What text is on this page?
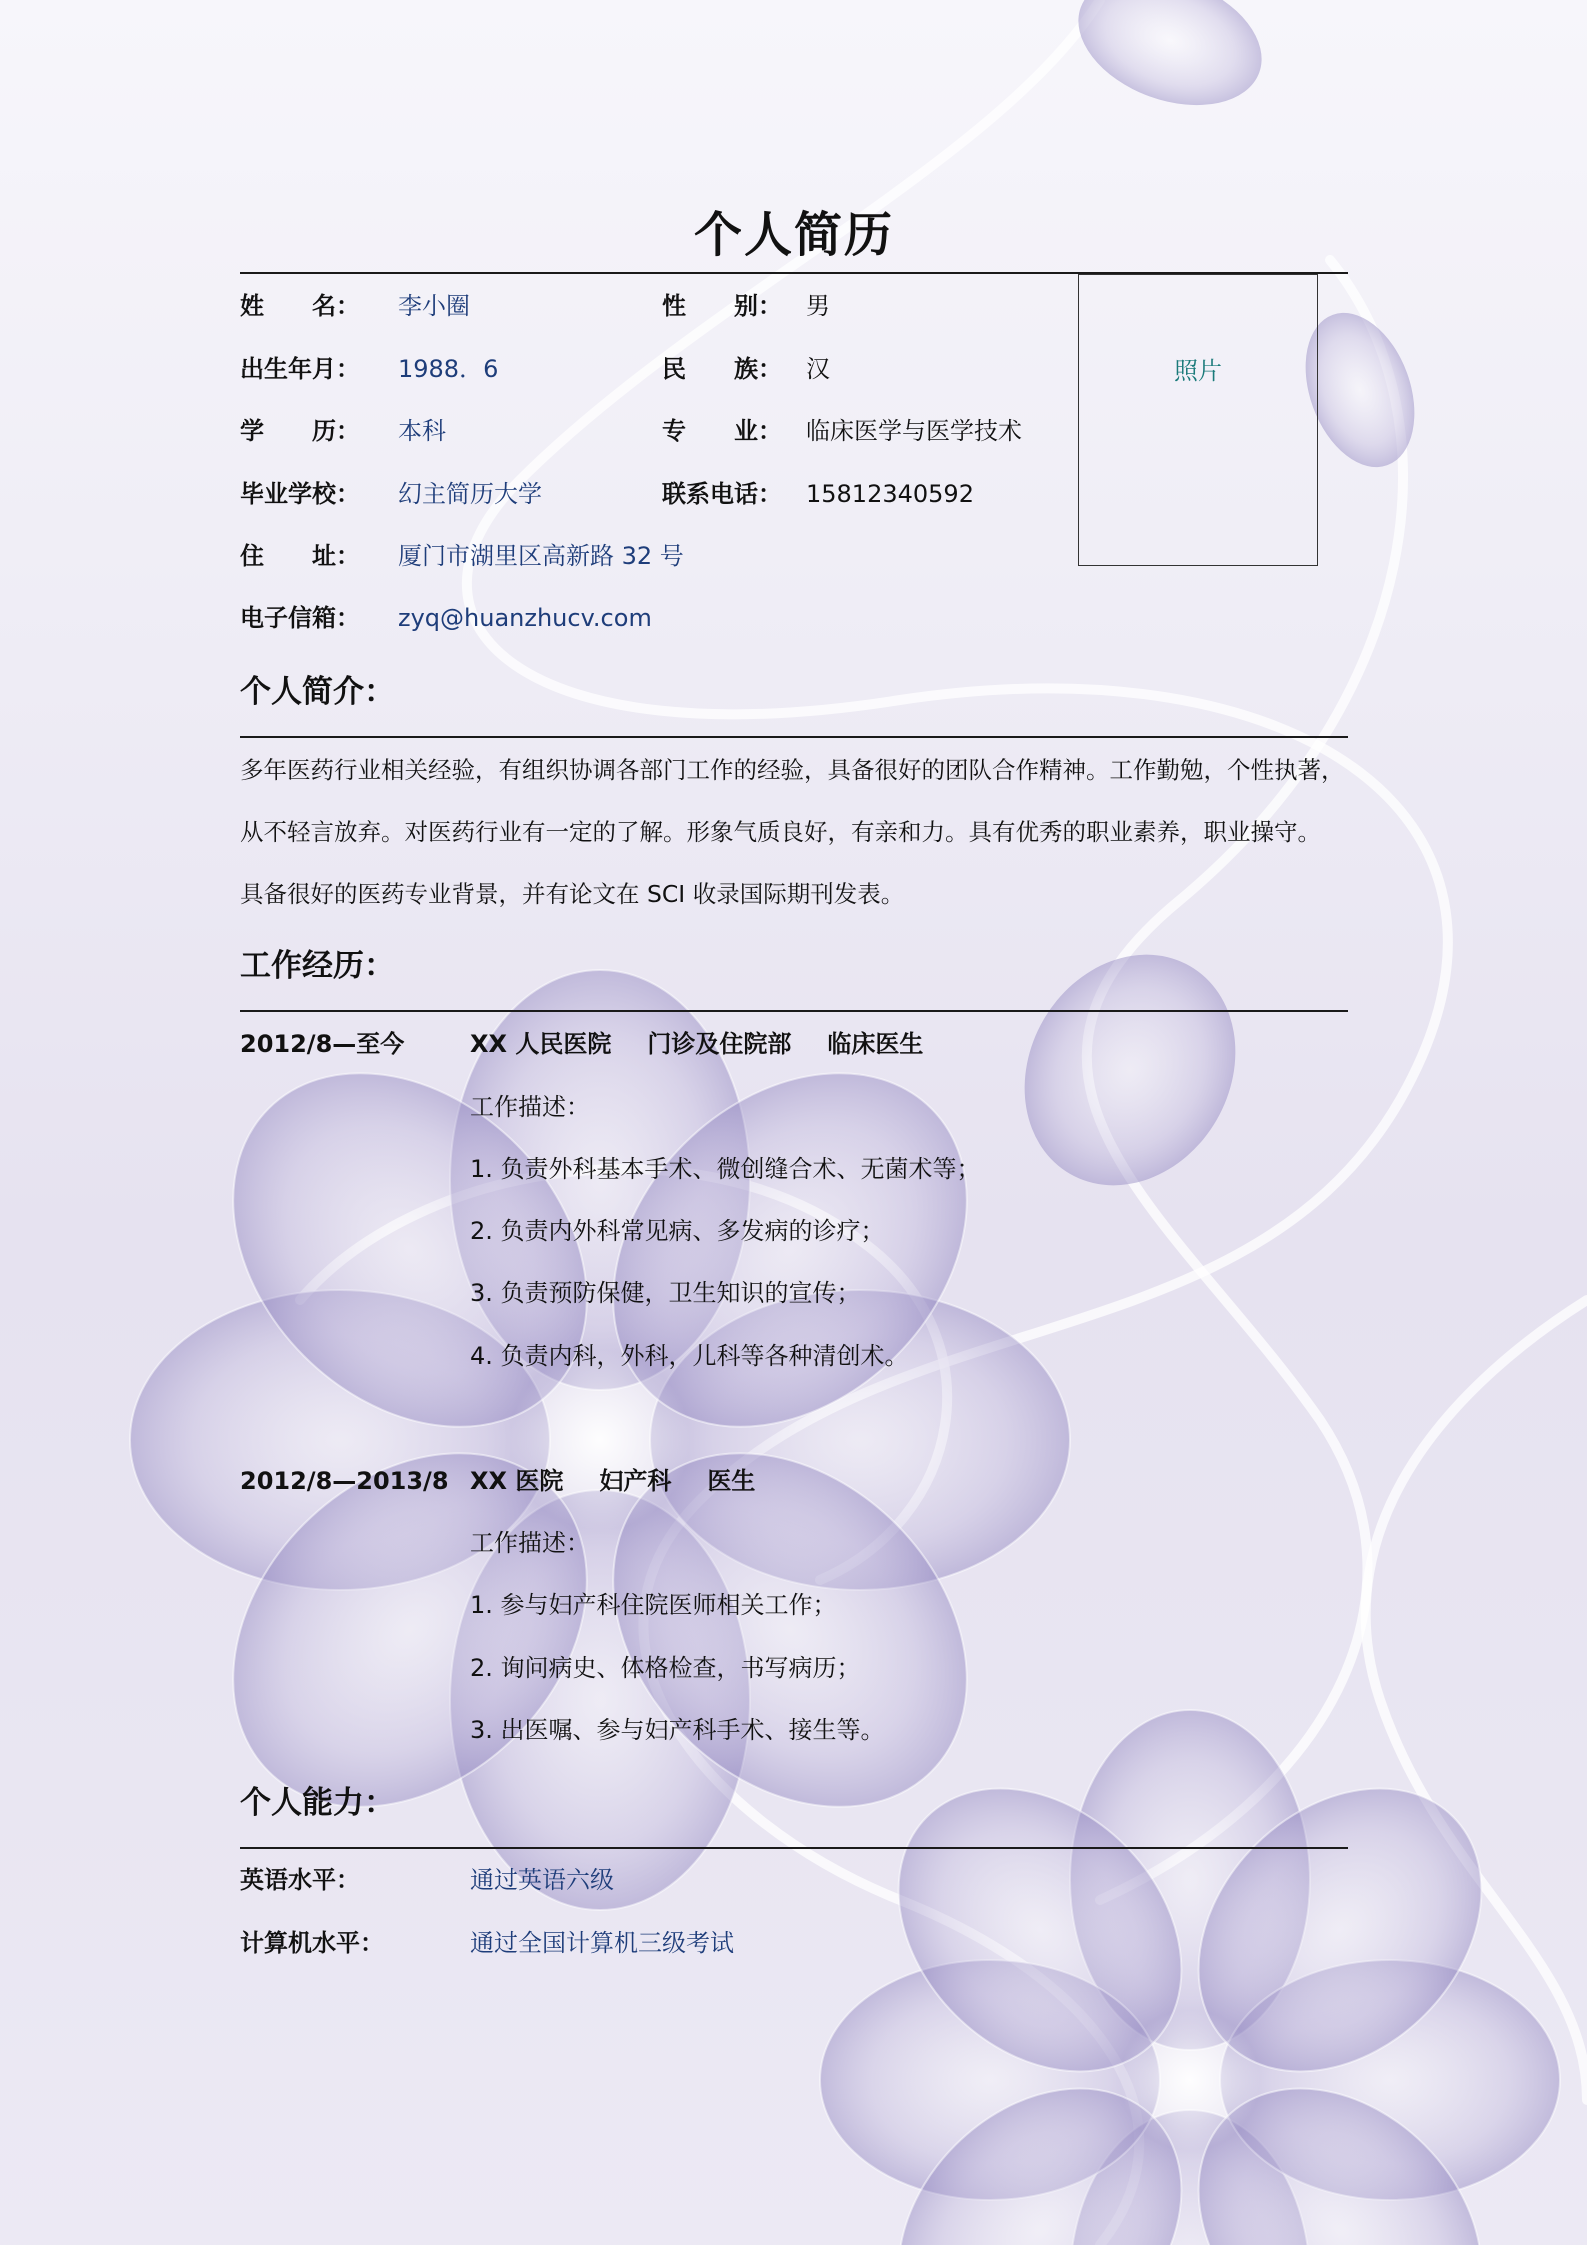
个人简历
姓　　名： 李小圈	性　　别： 男
出生年月： 1988．6	民　　族： 汉
学　　历： 本科	专　　业： 临床医学与医学技术
毕业学校： 幻主简历大学	联系电话： 15812340592
住　　址： 厦门市湖里区高新路 32 号
电子信箱： zyq@huanzhucv.com
照片
个人简介：
多年医药行业相关经验，有组织协调各部门工作的经验，具备很好的团队合作精神。工作勤勉，个性执著，
从不轻言放弃。对医药行业有一定的了解。形象气质良好，有亲和力。具有优秀的职业素养，职业操守。
具备很好的医药专业背景，并有论文在 SCI 收录国际期刊发表。
工作经历：
2012/8—至今	XX 人民医院 门诊及住院部 临床医生
工作描述：
1. 负责外科基本手术、微创缝合术、无菌术等；
2. 负责内外科常见病、多发病的诊疗；
3. 负责预防保健，卫生知识的宣传；
4. 负责内科，外科，儿科等各种清创术。
2012/8—2013/8 XX 医院 妇产科 医生
工作描述：
1. 参与妇产科住院医师相关工作；
2. 询问病史、体格检查，书写病历；
3. 出医嘱、参与妇产科手术、接生等。
个人能力：
英语水平：	通过英语六级
计算机水平：	通过全国计算机三级考试
